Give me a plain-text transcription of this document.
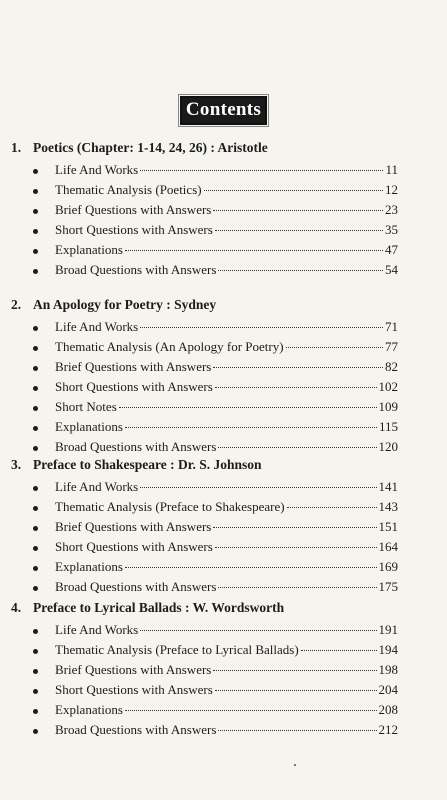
Contents
1. Poetics (Chapter: 1-14, 24, 26) : Aristotle
Life And Works	11
Thematic Analysis (Poetics)	12
Brief Questions with Answers	23
Short Questions with Answers	35
Explanations	47
Broad Questions with Answers	54
2. An Apology for Poetry : Sydney
Life And Works	71
Thematic Analysis (An Apology for Poetry)	77
Brief Questions with Answers	82
Short Questions with Answers	102
Short Notes	109
Explanations	115
Broad Questions with Answers	120
3. Preface to Shakespeare : Dr. S. Johnson
Life And Works	141
Thematic Analysis (Preface to Shakespeare)	143
Brief Questions with Answers	151
Short Questions with Answers	164
Explanations	169
Broad Questions with Answers	175
4. Preface to Lyrical Ballads : W. Wordsworth
Life And Works	191
Thematic Analysis (Preface to Lyrical Ballads)	194
Brief Questions with Answers	198
Short Questions with Answers	204
Explanations	208
Broad Questions with Answers	212
